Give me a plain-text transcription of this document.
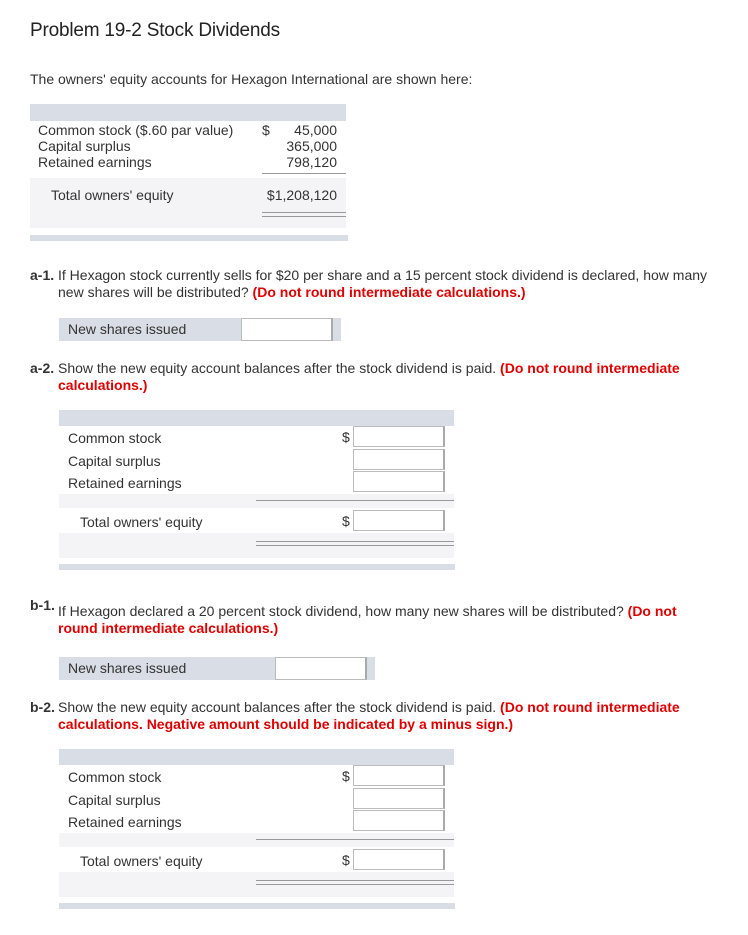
Problem 19-2 Stock Dividends
The owners' equity accounts for Hexagon International are shown here:
Common stock ($.60 par value) $	45,000
Capital surplus	365,000
Retained earnings	798,120
Total owners' equity	$1,208,120
a-1. If Hexagon stock currently sells for $20 per share and a 15 percent stock dividend is declared, how many new shares will be distributed? (Do not round intermediate calculations.)
New shares issued
a-2. Show the new equity account balances after the stock dividend is paid. (Do not round intermediate calculations.)
Common stock	$
Capital surplus
Retained earnings
Total owners' equity	$
b-1. If Hexagon declared a 20 percent stock dividend, how many new shares will be distributed? (Do not round intermediate calculations.)
New shares issued
b-2. Show the new equity account balances after the stock dividend is paid. (Do not round intermediate calculations. Negative amount should be indicated by a minus sign.)
Common stock	$
Capital surplus
Retained earnings
Total owners' equity	$
